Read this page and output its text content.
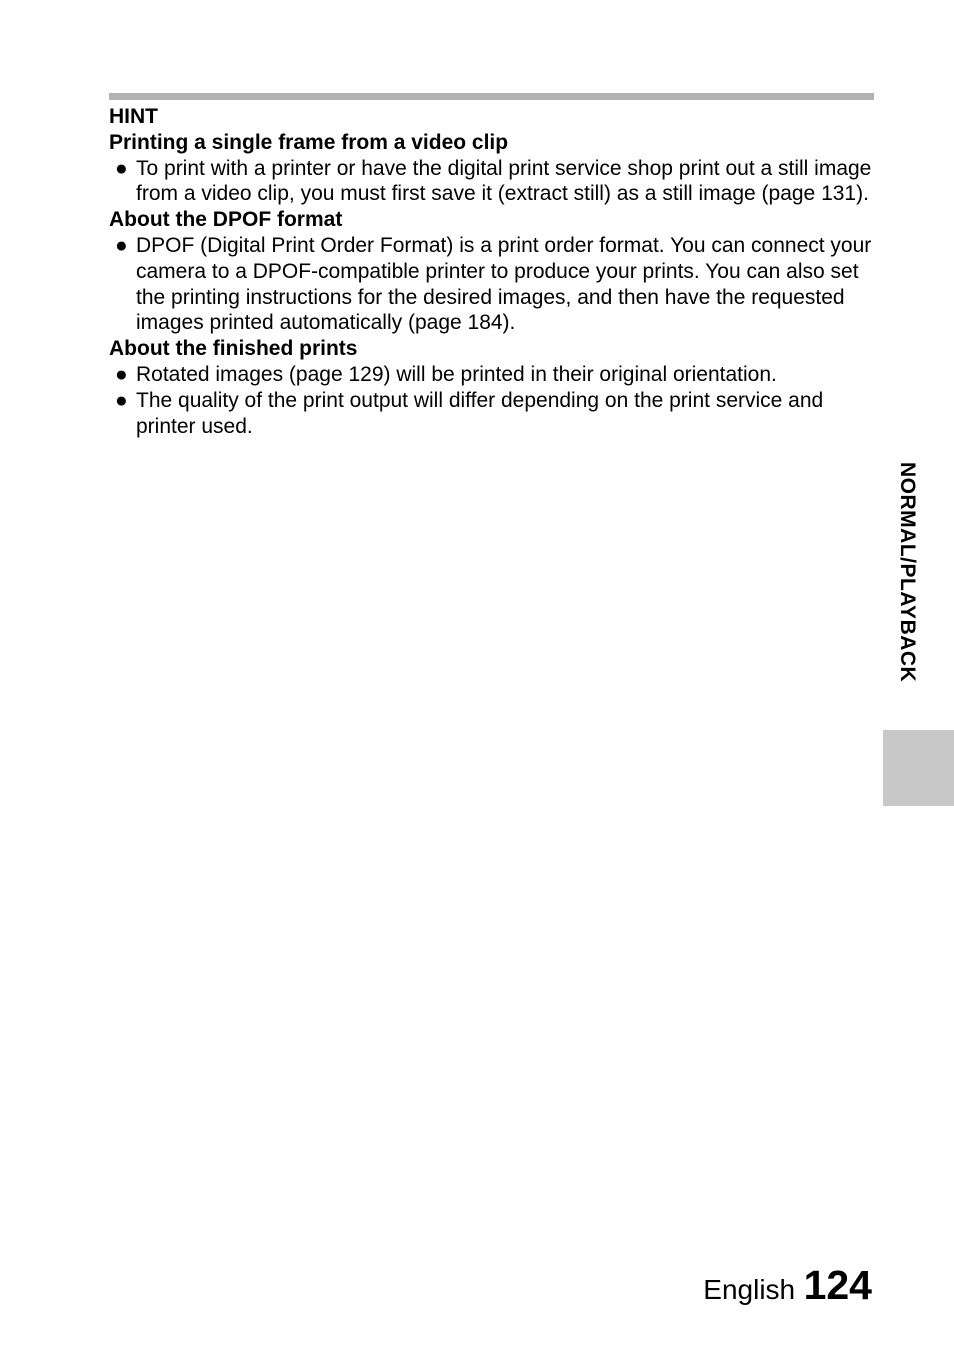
HINT

Printing a single frame from a video clip

● To print with a printer or have the digital print service shop print out a still image from a video clip, you must first save it (extract still) as a still image (page 131).

About the DPOF format

● DPOF (Digital Print Order Format) is a print order format. You can connect your camera to a DPOF-compatible printer to produce your prints. You can also set the printing instructions for the desired images, and then have the requested images printed automatically (page 184).

About the finished prints

● Rotated images (page 129) will be printed in their original orientation.

● The quality of the print output will differ depending on the print service and printer used.

NORMAL/PLAYBACK
English 124
